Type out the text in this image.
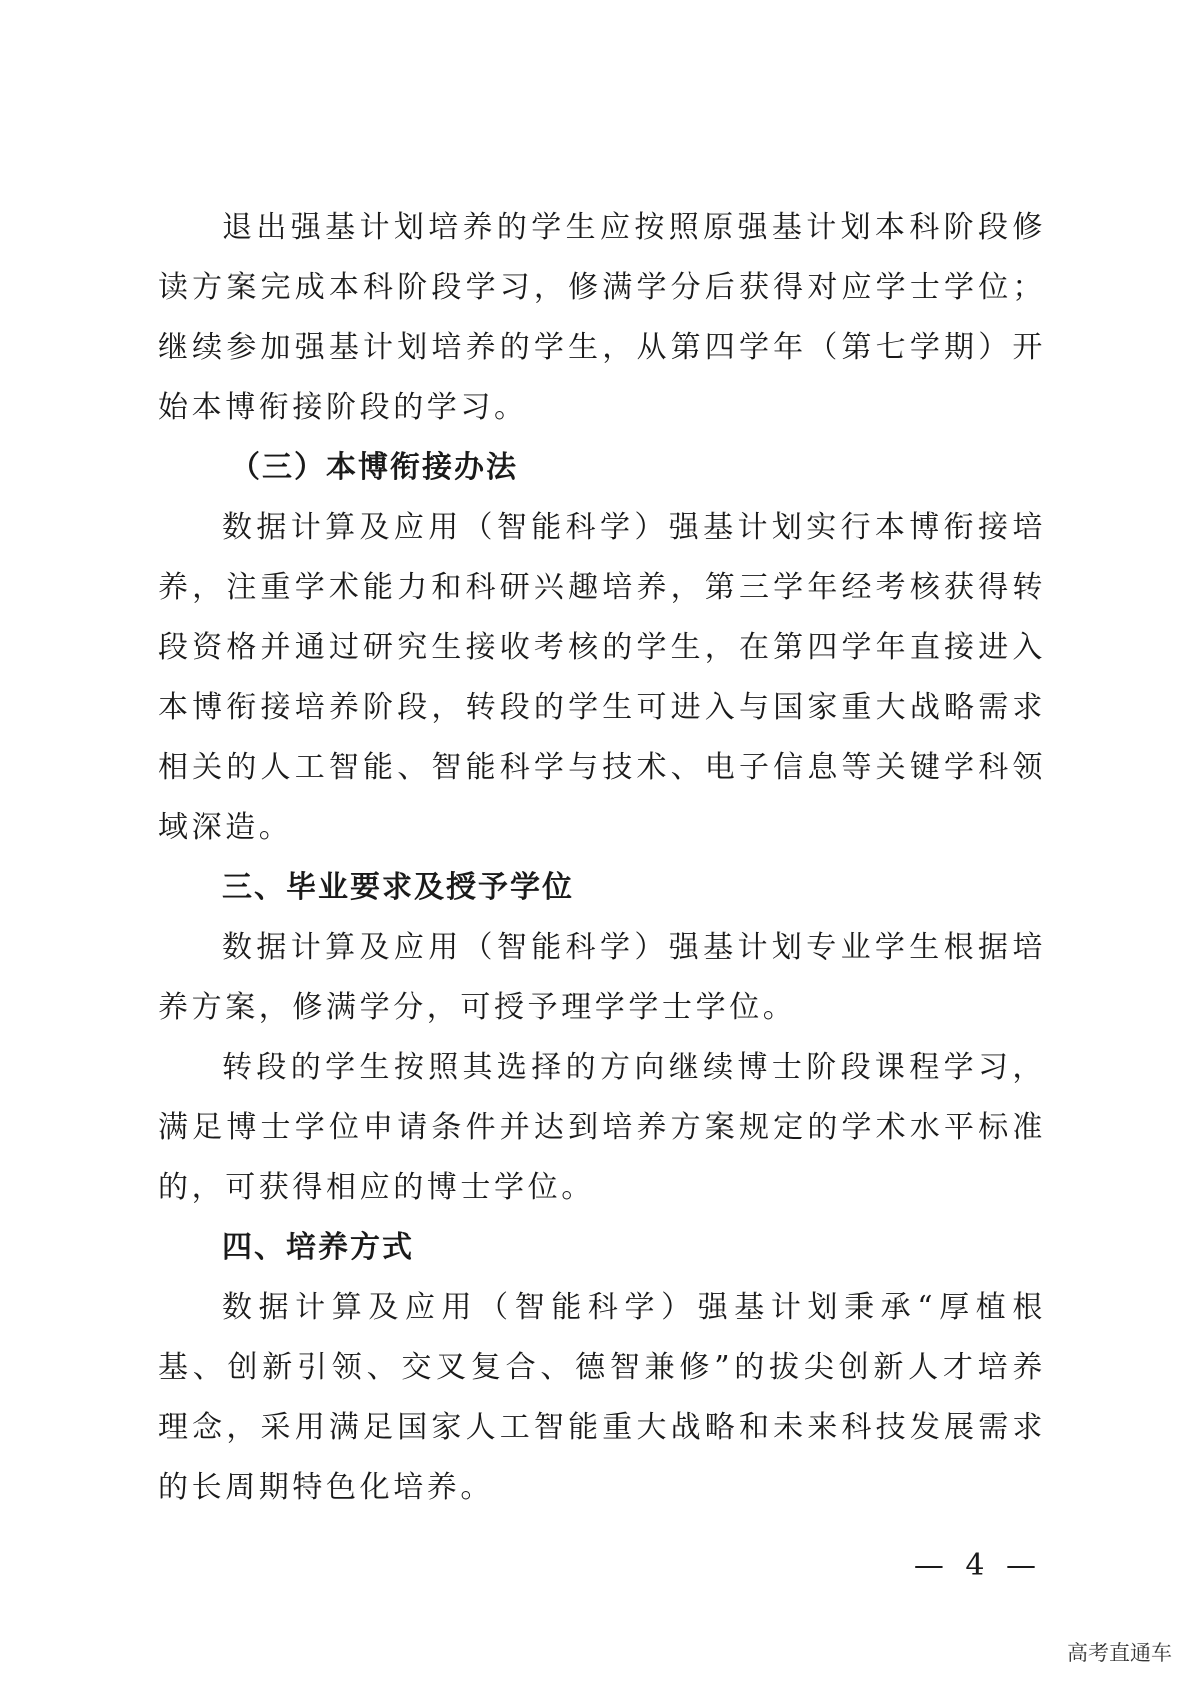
退出强基计划培养的学生应按照原强基计划本科阶段修读方案完成本科阶段学习，修满学分后获得对应学士学位；继续参加强基计划培养的学生，从第四学年（第七学期）开始本博衔接阶段的学习。

（三）本博衔接办法

数据计算及应用（智能科学）强基计划实行本博衔接培养，注重学术能力和科研兴趣培养，第三学年经考核获得转段资格并通过研究生接收考核的学生，在第四学年直接进入本博衔接培养阶段，转段的学生可进入与国家重大战略需求相关的人工智能、智能科学与技术、电子信息等关键学科领域深造。

三、毕业要求及授予学位

数据计算及应用（智能科学）强基计划专业学生根据培养方案，修满学分，可授予理学学士学位。

转段的学生按照其选择的方向继续博士阶段课程学习，满足博士学位申请条件并达到培养方案规定的学术水平标准的，可获得相应的博士学位。

四、培养方式

数据计算及应用（智能科学）强基计划秉承“厚植根基、创新引领、交叉复合、德智兼修”的拔尖创新人才培养理念，采用满足国家人工智能重大战略和未来科技发展需求的长周期特色化培养。

— 4 —
高考直通车
